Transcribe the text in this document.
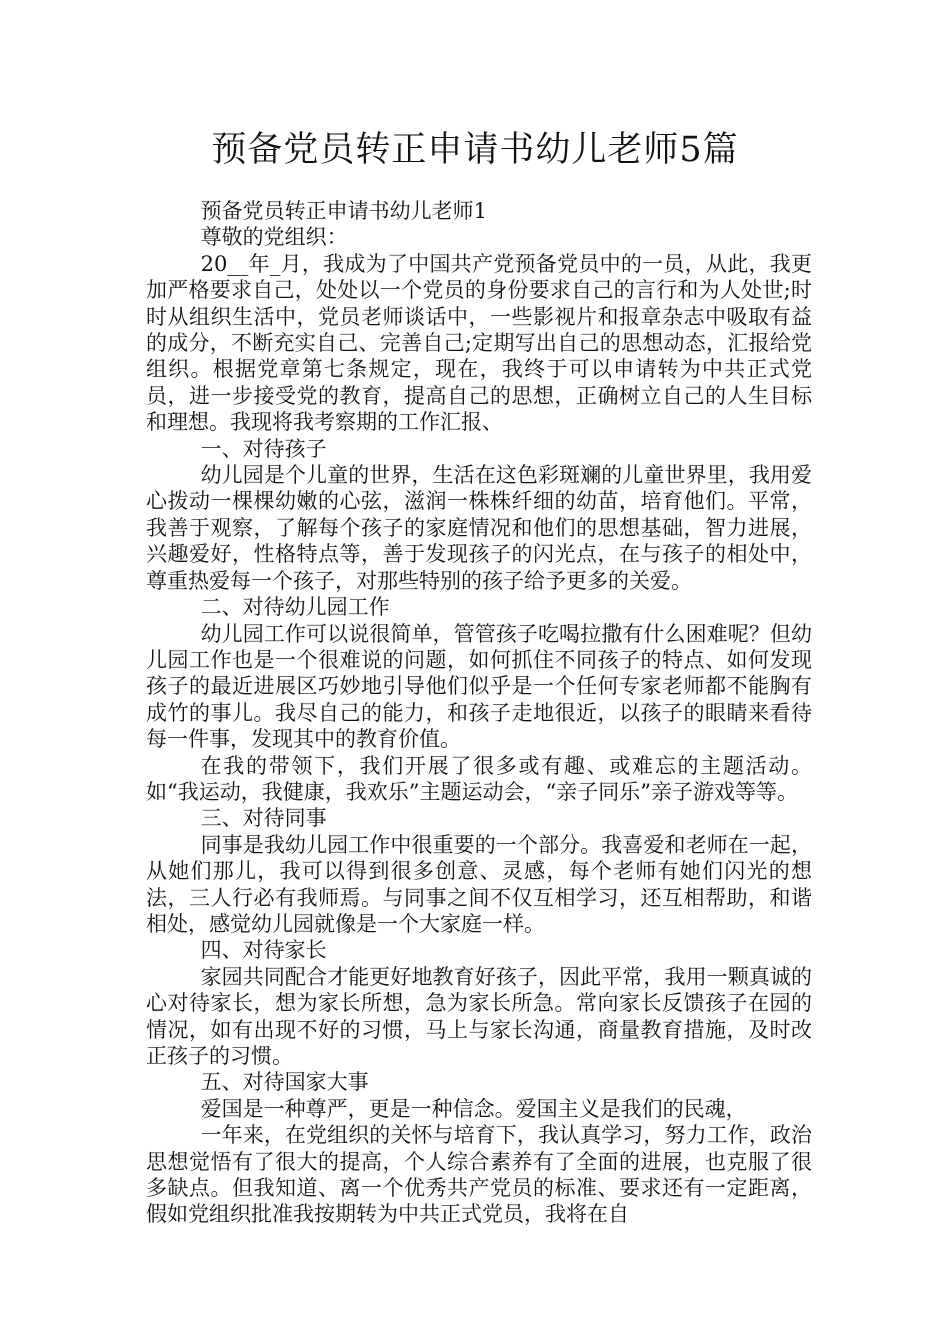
预备党员转正申请书幼儿老师5篇

预备党员转正申请书幼儿老师1

尊敬的党组织：

20__年_月，我成为了中国共产党预备党员中的一员，从此，我更加严格要求自己，处处以一个党员的身份要求自己的言行和为人处世;时时从组织生活中，党员老师谈话中，一些影视片和报章杂志中吸取有益的成分，不断充实自己、完善自己;定期写出自己的思想动态，汇报给党组织。根据党章第七条规定，现在，我终于可以申请转为中共正式党员，进一步接受党的教育，提高自己的思想，正确树立自己的人生目标和理想。我现将我考察期的工作汇报、

一、对待孩子

幼儿园是个儿童的世界，生活在这色彩斑斓的儿童世界里，我用爱心拨动一棵棵幼嫩的心弦，滋润一株株纤细的幼苗，培育他们。平常，我善于观察，了解每个孩子的家庭情况和他们的思想基础，智力进展，兴趣爱好，性格特点等，善于发现孩子的闪光点，在与孩子的相处中，尊重热爱每一个孩子，对那些特别的孩子给予更多的关爱。

二、对待幼儿园工作

幼儿园工作可以说很简单，管管孩子吃喝拉撒有什么困难呢？但幼儿园工作也是一个很难说的问题，如何抓住不同孩子的特点、如何发现孩子的最近进展区巧妙地引导他们似乎是一个任何专家老师都不能胸有成竹的事儿。我尽自己的能力，和孩子走地很近，以孩子的眼睛来看待每一件事，发现其中的教育价值。

在我的带领下，我们开展了很多或有趣、或难忘的主题活动。如“我运动，我健康，我欢乐”主题运动会，“亲子同乐”亲子游戏等等。

三、对待同事

同事是我幼儿园工作中很重要的一个部分。我喜爱和老师在一起，从她们那儿，我可以得到很多创意、灵感，每个老师有她们闪光的想法，三人行必有我师焉。与同事之间不仅互相学习，还互相帮助，和谐相处，感觉幼儿园就像是一个大家庭一样。

四、对待家长

家园共同配合才能更好地教育好孩子，因此平常，我用一颗真诚的心对待家长，想为家长所想，急为家长所急。常向家长反馈孩子在园的情况，如有出现不好的习惯，马上与家长沟通，商量教育措施，及时改正孩子的习惯。

五、对待国家大事

爱国是一种尊严，更是一种信念。爱国主义是我们的民魂，

一年来，在党组织的关怀与培育下，我认真学习，努力工作，政治思想觉悟有了很大的提高，个人综合素养有了全面的进展，也克服了很多缺点。但我知道、离一个优秀共产党员的标准、要求还有一定距离，假如党组织批准我按期转为中共正式党员，我将在自
